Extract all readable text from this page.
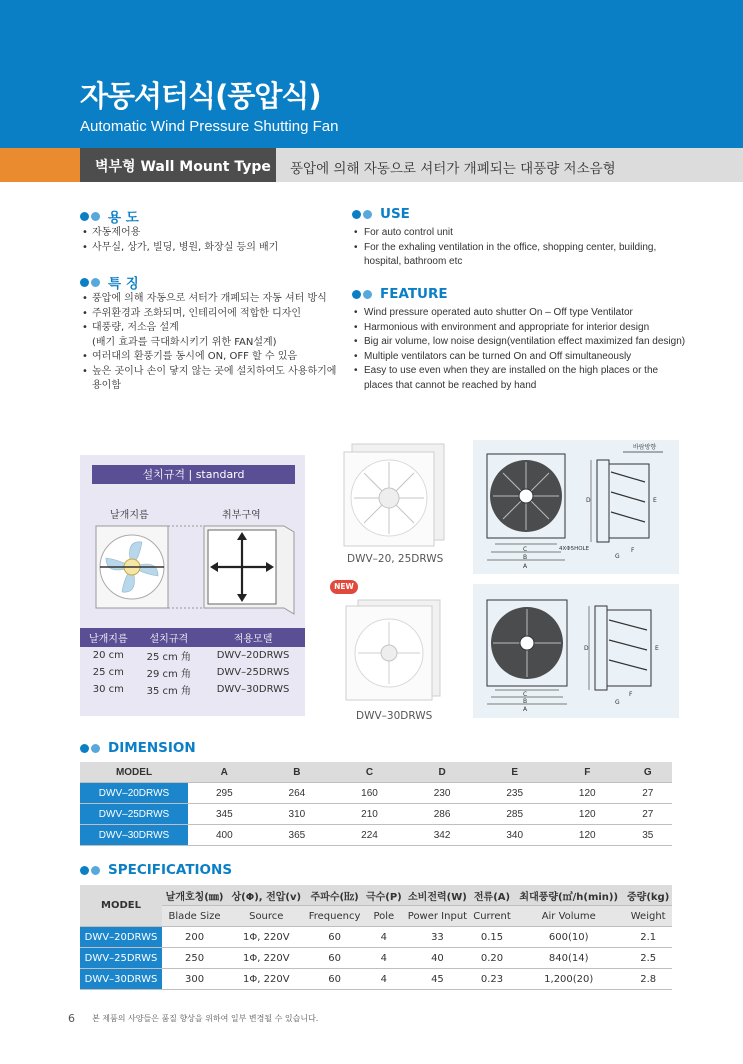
자동셔터식(풍압식)
Automatic Wind Pressure Shutting Fan
벽부형 Wall Mount Type 풍압에 의해 자동으로 셔터가 개폐되는 대풍량 저소음형
용 도
• 자동제어용
• 사무실, 상가, 빌딩, 병원, 화장실 등의 배기
특 징
• 풍압에 의해 자동으로 셔터가 개폐되는 자동 셔터 방식
• 주위환경과 조화되며, 인테리어에 적합한 디자인
• 대풍량, 저소음 설계
(배기 효과를 극대화시키기 위한 FAN설계)
• 여러대의 환풍기를 동시에 ON, OFF 할 수 있음
• 높은 곳이나 손이 닿지 않는 곳에 설치하여도 사용하기에
용이함
USE
• For auto control unit
• For the exhaling ventilation in the office, shopping center, building,
hospital, bathroom etc
FEATURE
• Wind pressure operated auto shutter On – Off type Ventilator
• Harmonious with environment and appropriate for interior design
• Big air volume, low noise design(ventilation effect maximized fan design)
• Multiple ventilators can be turned On and Off simultaneously
• Easy to use even when they are installed on the high places or the
places that cannot be reached by hand
설치규격 | standard
날개지름	취부구역
날개지름	설치규격	적용모델
20 cm	25 cm 角	DWV–20DRWS
25 cm	29 cm 角	DWV–25DRWS
30 cm	35 cm 角	DWV–30DRWS
DWV–20, 25DRWS
NEW
DWV–30DRWS
바람방향
4XΦ5HOLE
C
B
A
D	E
F
G
C
B
A
D	E
F
G
DIMENSION
MODEL	A	B	C	D	E	F	G
DWV–20DRWS	295	264	160	230	235	120	27
DWV–25DRWS	345	310	210	286	285	120	27
DWV–30DRWS	400	365	224	342	340	120	35
SPECIFICATIONS
MODEL	날개호칭(㎜)	상(Φ), 전압(v)	주파수(㎐)	극수(P)	소비전력(W)	전류(A)	최대풍량(㎥/h(min))	중량(kg)
	Blade Size	Source	Frequency	Pole	Power Input	Current	Air Volume	Weight
DWV–20DRWS	200	1Φ, 220V	60	4	33	0.15	600(10)	2.1
DWV–25DRWS	250	1Φ, 220V	60	4	40	0.20	840(14)	2.5
DWV–30DRWS	300	1Φ, 220V	60	4	45	0.23	1,200(20)	2.8
6 본 제품의 사양들은 품질 향상을 위하여 일부 변경될 수 있습니다.
